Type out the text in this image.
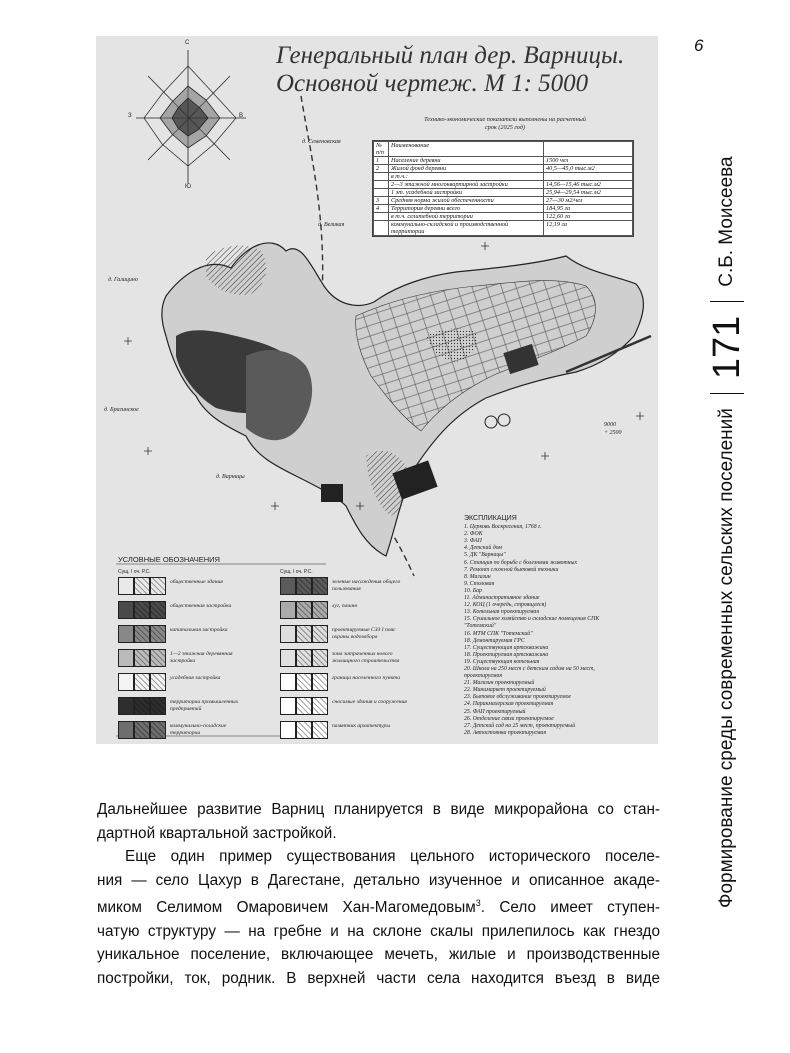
6
Формирование среды современных сельских поселений
171
С.Б. Моисеева
С
В
З
Ю
Генеральный план дер. Варницы.
Основной чертеж. М 1: 5000
Технико-экономические показатели выполнены на расчетный
срок (2025 год)
№ п/п	Наименование	
1	Население деревни	1500 чел
2	Жилой фонд деревни	40,5—45,0 тыс.м2
	в т.ч.:	
	2—3 этажной многоквартирной застройки	14,56—15,46 тыс.м2
	1 эт. усадебной застройки	25,94—29,54 тыс.м2
3	Средняя норма жилой обеспеченности	27—30 м2/чел
4	Территория деревни всего	184,95 га
	в т.ч. селитебной территории	122,60 га
	коммунально-складской и производственной территории	12,19 га
д. Семеновская
д. Великая
д. Галицино
д. Брагинское
д. Варницы
9000
+ 2500
ЭКСПЛИКАЦИЯ
1. Церковь Воскресения, 1768 г.
2. ФОК
3. ФАП
4. Детский дом
5. ДК "Варницы"
6. Станция по борьбе с болезнями животных
7. Ремонт сложной бытовой техники
8. Магазин
9. Столовая
10. Бар
11. Административное здание
12. КОЦ (1 очередь, строящееся)
13. Котельная проектируемая
15. Сушильное хозяйство и складские помещения СПК
"Тотемский"
16. МТМ СПК "Тотемский"
18. Демонтируемая ГРС
17. Существующая артскважина
18. Проектируемая артскважина
19. Существующая котельная
20. Школа на 250 мест с детским садом на 50 мест,
проектируемая
21. Магазин проектируемый
22. Минимаркет проектируемый
23. Бытовое обслуживание проектируемое
24. Парикмахерская проектируемая
25. ФАП проектируемый
26. Отделение связи проектируемое
27. Детский сад на 25 мест, проектируемый
28. Автостоянка проектируемая
УСЛОВНЫЕ ОБОЗНАЧЕНИЯ
Сущ. I оч. Р.С.	Сущ. I оч. Р.С.
общественные здания
общественная застройка
капитальная застройка
1—2 этажная деревянная застройка
усадебная застройка
территории промышленных предприятий
коммунально-складские территории
зеленые насаждения общего пользования
луг, пашня
проектируемые СЗЗ I пояс охраны водозабора
зона затраченных нового жилищного строительства
граница населенного пункта
сносимые здания и сооружения
памятник архитектуры
Дальнейшее развитие Варниц планируется в виде микрорайона со стан-
дартной квартальной застройкой.
Еще один пример существования цельного исторического поселе-
ния — село Цахур в Дагестане, детально изученное и описанное акаде-
миком Селимом Омаровичем Хан-Магомедовым$^3$. Село имеет ступен-
чатую структуру — на гребне и на склоне скалы прилепилось как гнездо
уникальное поселение, включающее мечеть, жилые и производственные
постройки, ток, родник. В верхней части села находится въезд в виде
